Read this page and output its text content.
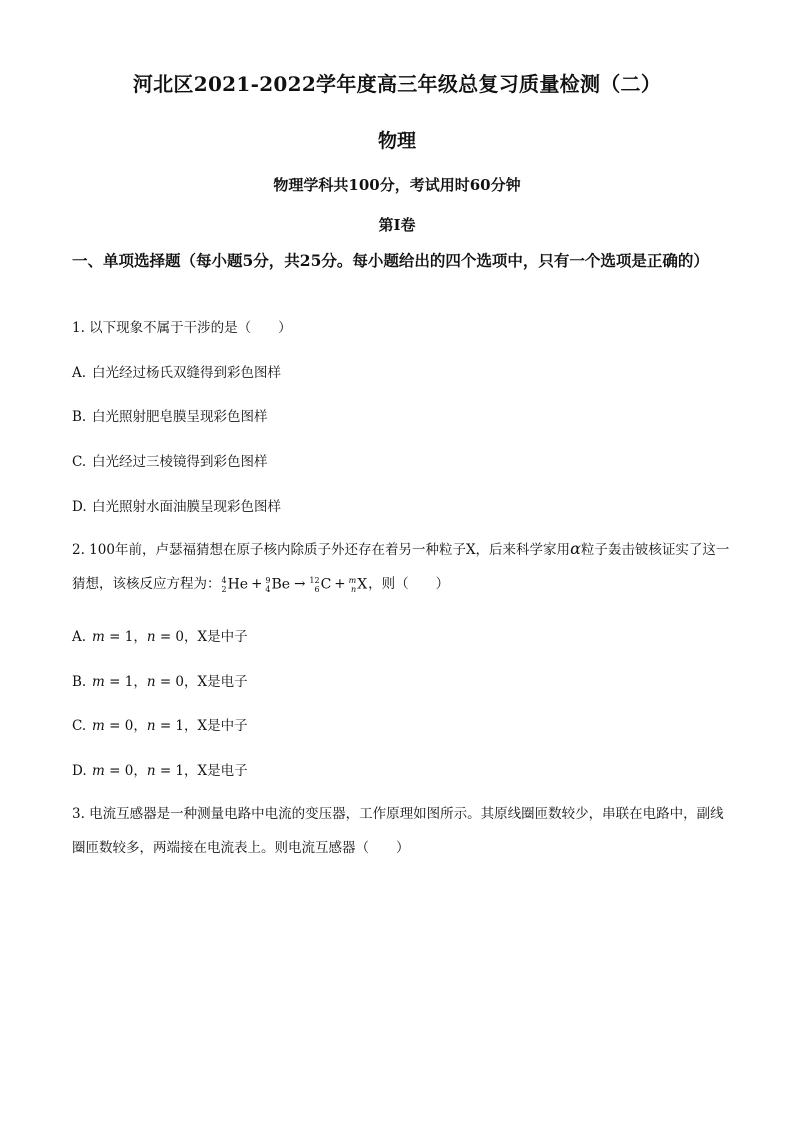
河北区2021-2022学年度高三年级总复习质量检测（二）
物理
物理学科共100分，考试用时60分钟
第Ⅰ卷
一、单项选择题（每小题5分，共25分。每小题给出的四个选项中，只有一个选项是正确的）
1. 以下现象不属于干涉的是（　　）
A. 白光经过杨氏双缝得到彩色图样
B. 白光照射肥皂膜呈现彩色图样
C. 白光经过三棱镜得到彩色图样
D. 白光照射水面油膜呈现彩色图样
2. 100年前，卢瑟福猜想在原子核内除质子外还存在着另一种粒子X，后来科学家用α粒子轰击铍核证实了这一猜想，该核反应方程为： 4
2 He + 9
4 Be → 12
6 C + m
n X，则（　　）
A. m = 1，n = 0，X是中子
B. m = 1，n = 0，X是电子
C. m = 0，n = 1，X是中子
D. m = 0，n = 1，X是电子
3. 电流互感器是一种测量电路中电流的变压器，工作原理如图所示。其原线圈匝数较少，串联在电路中，副线圈匝数较多，两端接在电流表上。则电流互感器（　　）
